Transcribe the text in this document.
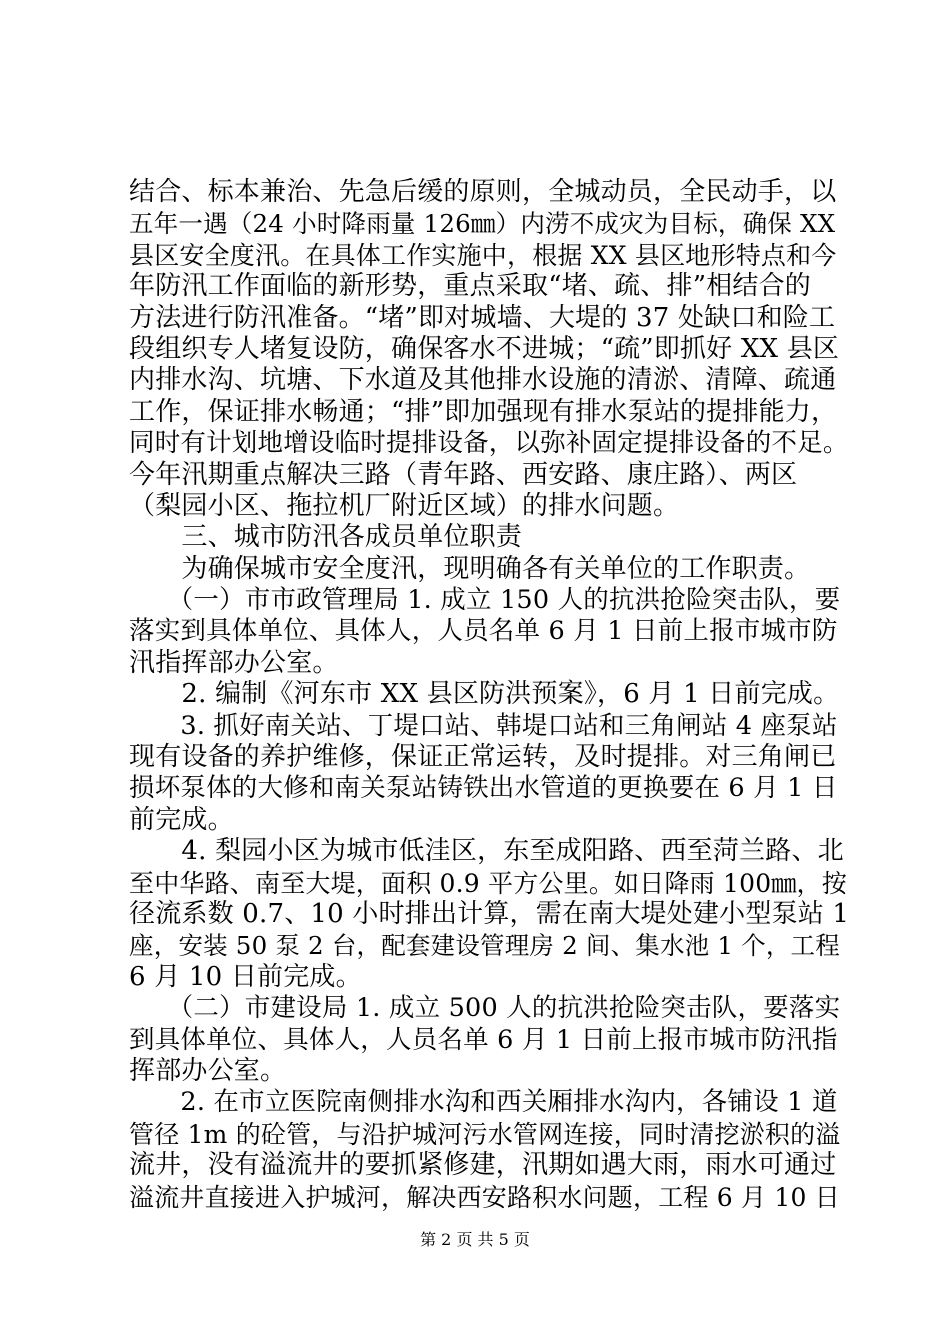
结合、标本兼治、先急后缓的原则，全城动员，全民动手，以
五年一遇（24 小时降雨量 126㎜）内涝不成灾为目标，确保 XX
县区安全度汛。在具体工作实施中，根据 XX 县区地形特点和今
年防汛工作面临的新形势，重点采取“堵、疏、排”相结合的
方法进行防汛准备。“堵”即对城墙、大堤的 37 处缺口和险工
段组织专人堵复设防，确保客水不进城；“疏”即抓好 XX 县区
内排水沟、坑塘、下水道及其他排水设施的清淤、清障、疏通
工作，保证排水畅通；“排”即加强现有排水泵站的提排能力，
同时有计划地增设临时提排设备，以弥补固定提排设备的不足。
今年汛期重点解决三路（青年路、西安路、康庄路）、两区
（梨园小区、拖拉机厂附近区域）的排水问题。
　　三、城市防汛各成员单位职责
　　为确保城市安全度汛，现明确各有关单位的工作职责。
　　（一）市市政管理局 1. 成立 150 人的抗洪抢险突击队，要
落实到具体单位、具体人，人员名单 6 月 1 日前上报市城市防
汛指挥部办公室。
　　2. 编制《河东市 XX 县区防洪预案》，6 月 1 日前完成。
　　3. 抓好南关站、丁堤口站、韩堤口站和三角闸站 4 座泵站
现有设备的养护维修，保证正常运转，及时提排。对三角闸已
损坏泵体的大修和南关泵站铸铁出水管道的更换要在 6 月 1 日
前完成。
　　4. 梨园小区为城市低洼区，东至成阳路、西至菏兰路、北
至中华路、南至大堤，面积 0.9 平方公里。如日降雨 100㎜，按
径流系数 0.7、10 小时排出计算，需在南大堤处建小型泵站 1
座，安装 50 泵 2 台，配套建设管理房 2 间、集水池 1 个，工程
6 月 10 日前完成。
　　（二）市建设局 1. 成立 500 人的抗洪抢险突击队，要落实
到具体单位、具体人，人员名单 6 月 1 日前上报市城市防汛指
挥部办公室。
　　2. 在市立医院南侧排水沟和西关厢排水沟内，各铺设 1 道
管径 1m 的砼管，与沿护城河污水管网连接，同时清挖淤积的溢
流井，没有溢流井的要抓紧修建，汛期如遇大雨，雨水可通过
溢流井直接进入护城河，解决西安路积水问题，工程 6 月 10 日
第 2 页 共 5 页
